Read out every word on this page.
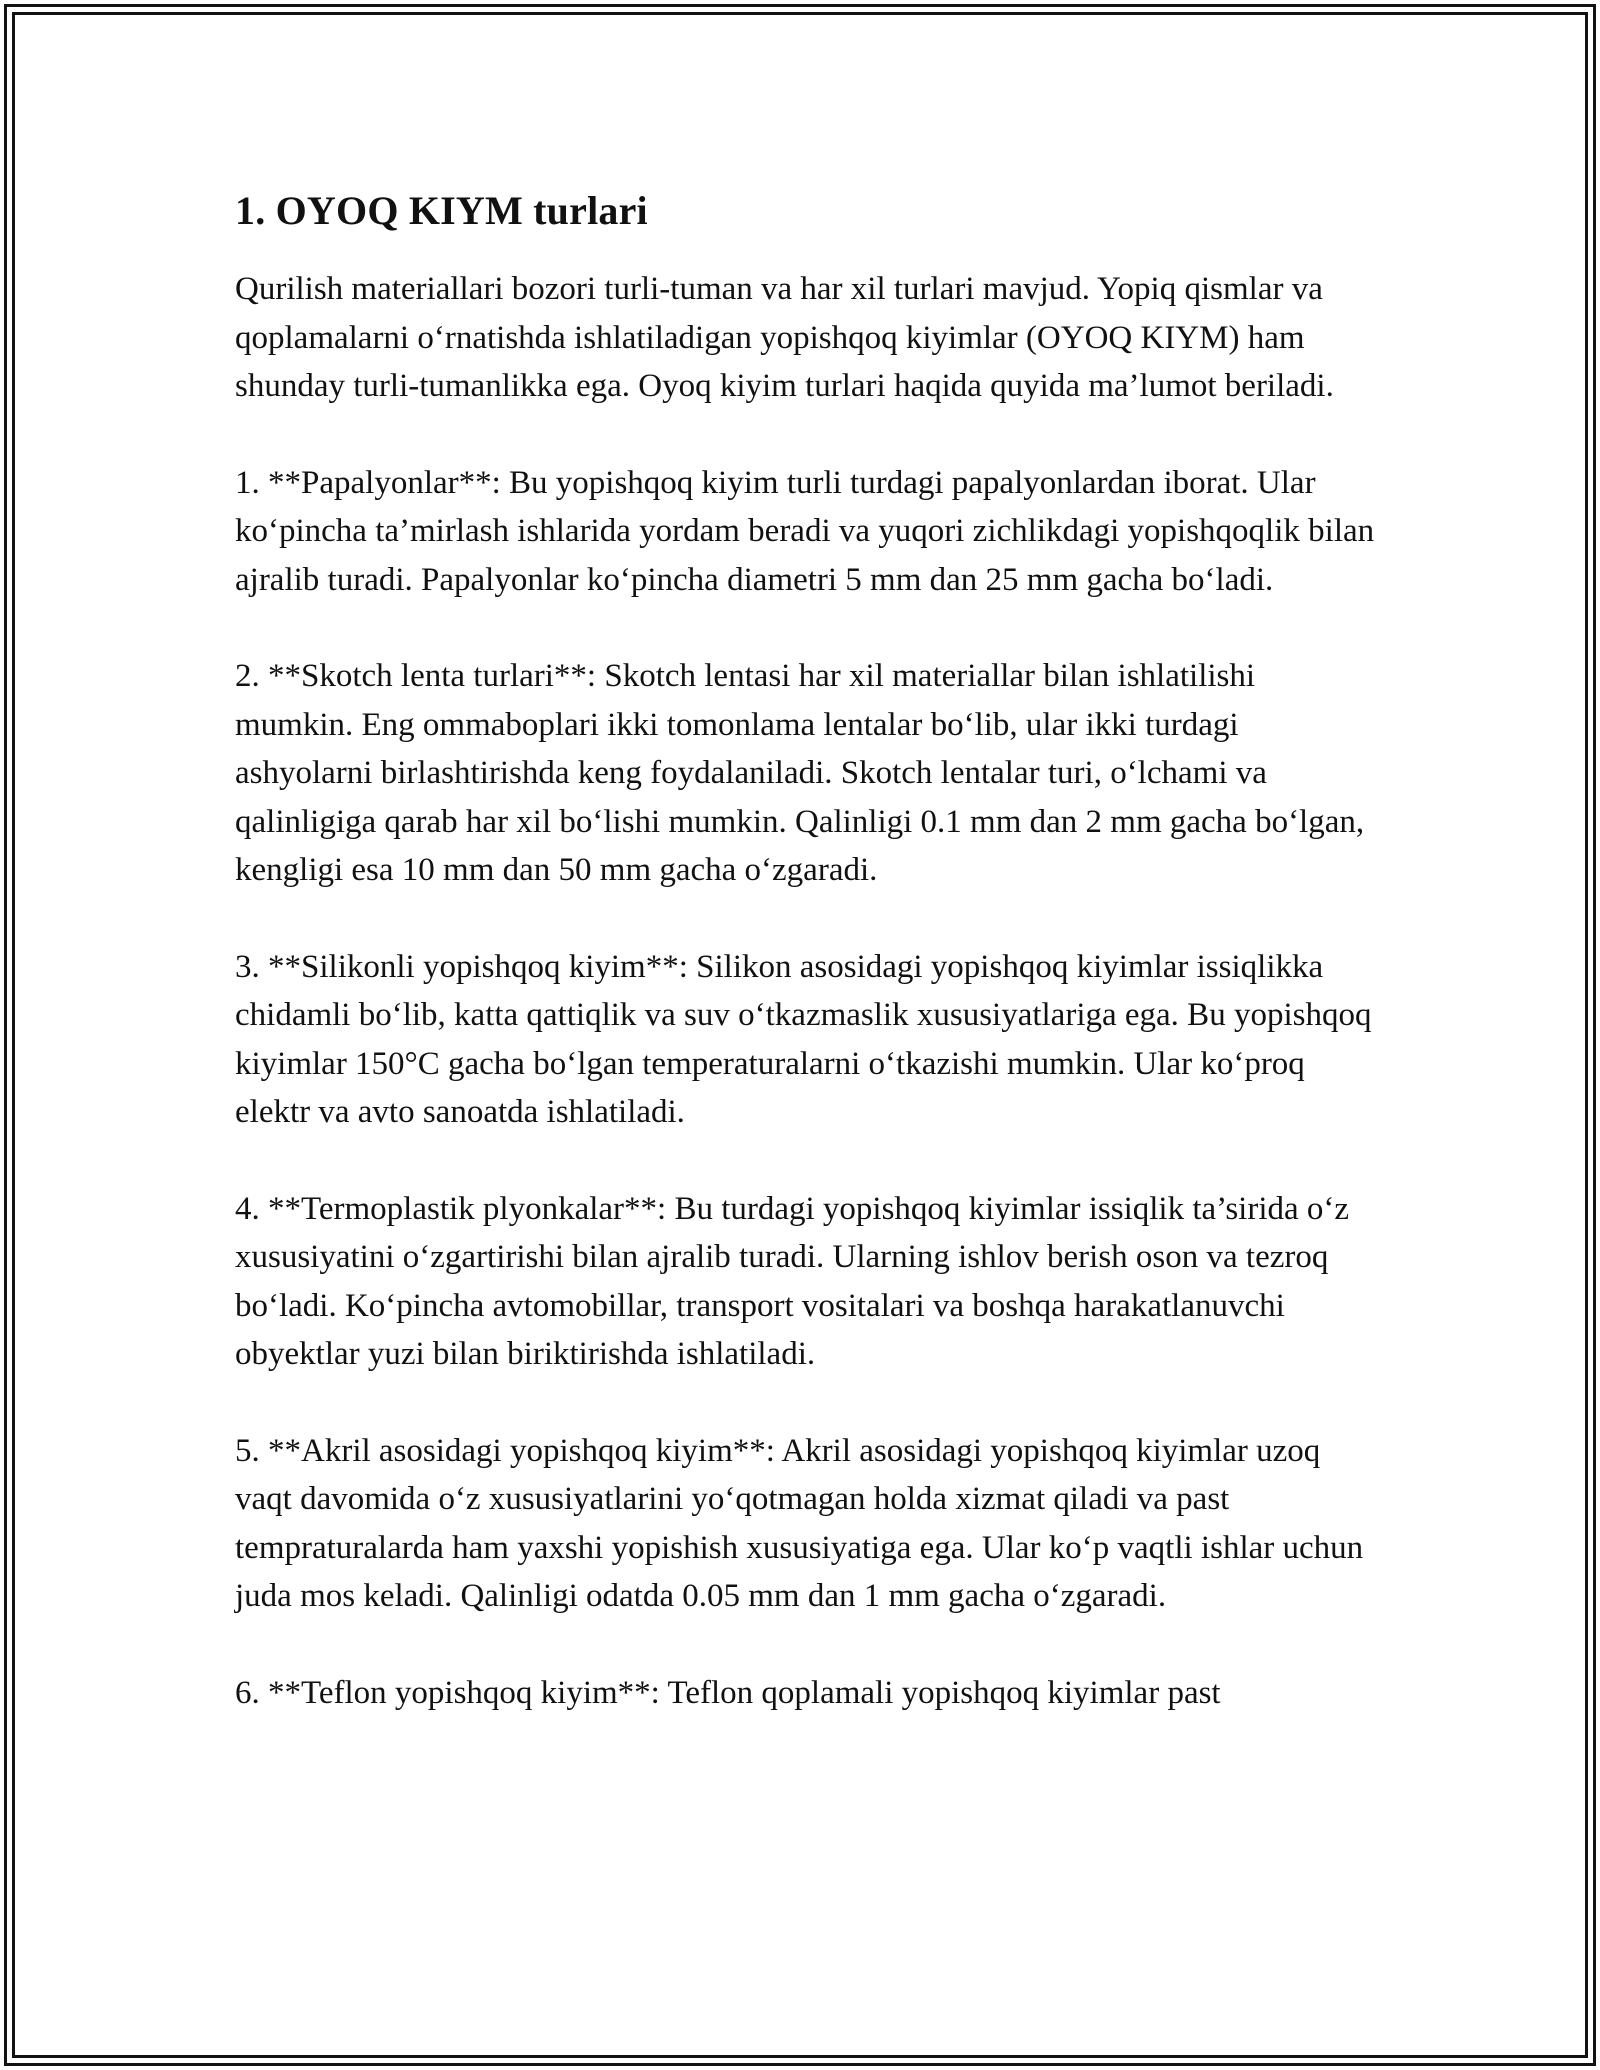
1. OYOQ KIYM turlari

Qurilish materiallari bozori turli-tuman va har xil turlari mavjud. Yopiq qismlar va qoplamalarni o‘rnatishda ishlatiladigan yopishqoq kiyimlar (OYOQ KIYM) ham shunday turli-tumanlikka ega. Oyoq kiyim turlari haqida quyida ma’lumot beriladi.

1. **Papalyonlar**: Bu yopishqoq kiyim turli turdagi papalyonlardan iborat. Ular ko‘pincha ta’mirlash ishlarida yordam beradi va yuqori zichlikdagi yopishqoqlik bilan ajralib turadi. Papalyonlar ko‘pincha diametri 5 mm dan 25 mm gacha bo‘ladi.

2. **Skotch lenta turlari**: Skotch lentasi har xil materiallar bilan ishlatilishi mumkin. Eng ommaboplari ikki tomonlama lentalar bo‘lib, ular ikki turdagi ashyolarni birlashtirishda keng foydalaniladi. Skotch lentalar turi, o‘lchami va qalinligiga qarab har xil bo‘lishi mumkin. Qalinligi 0.1 mm dan 2 mm gacha bo‘lgan, kengligi esa 10 mm dan 50 mm gacha o‘zgaradi.

3. **Silikonli yopishqoq kiyim**: Silikon asosidagi yopishqoq kiyimlar issiqlikka chidamli bo‘lib, katta qattiqlik va suv o‘tkazmaslik xususiyatlariga ega. Bu yopishqoq kiyimlar 150°C gacha bo‘lgan temperaturalarni o‘tkazishi mumkin. Ular ko‘proq elektr va avto sanoatda ishlatiladi.

4. **Termoplastik plyonkalar**: Bu turdagi yopishqoq kiyimlar issiqlik ta’sirida o‘z xususiyatini o‘zgartirishi bilan ajralib turadi. Ularning ishlov berish oson va tezroq bo‘ladi. Ko‘pincha avtomobillar, transport vositalari va boshqa harakatlanuvchi obyektlar yuzi bilan biriktirishda ishlatiladi.

5. **Akril asosidagi yopishqoq kiyim**: Akril asosidagi yopishqoq kiyimlar uzoq vaqt davomida o‘z xususiyatlarini yo‘qotmagan holda xizmat qiladi va past tempraturalarda ham yaxshi yopishish xususiyatiga ega. Ular ko‘p vaqtli ishlar uchun juda mos keladi. Qalinligi odatda 0.05 mm dan 1 mm gacha o‘zgaradi.

6. **Teflon yopishqoq kiyim**: Teflon qoplamali yopishqoq kiyimlar past
